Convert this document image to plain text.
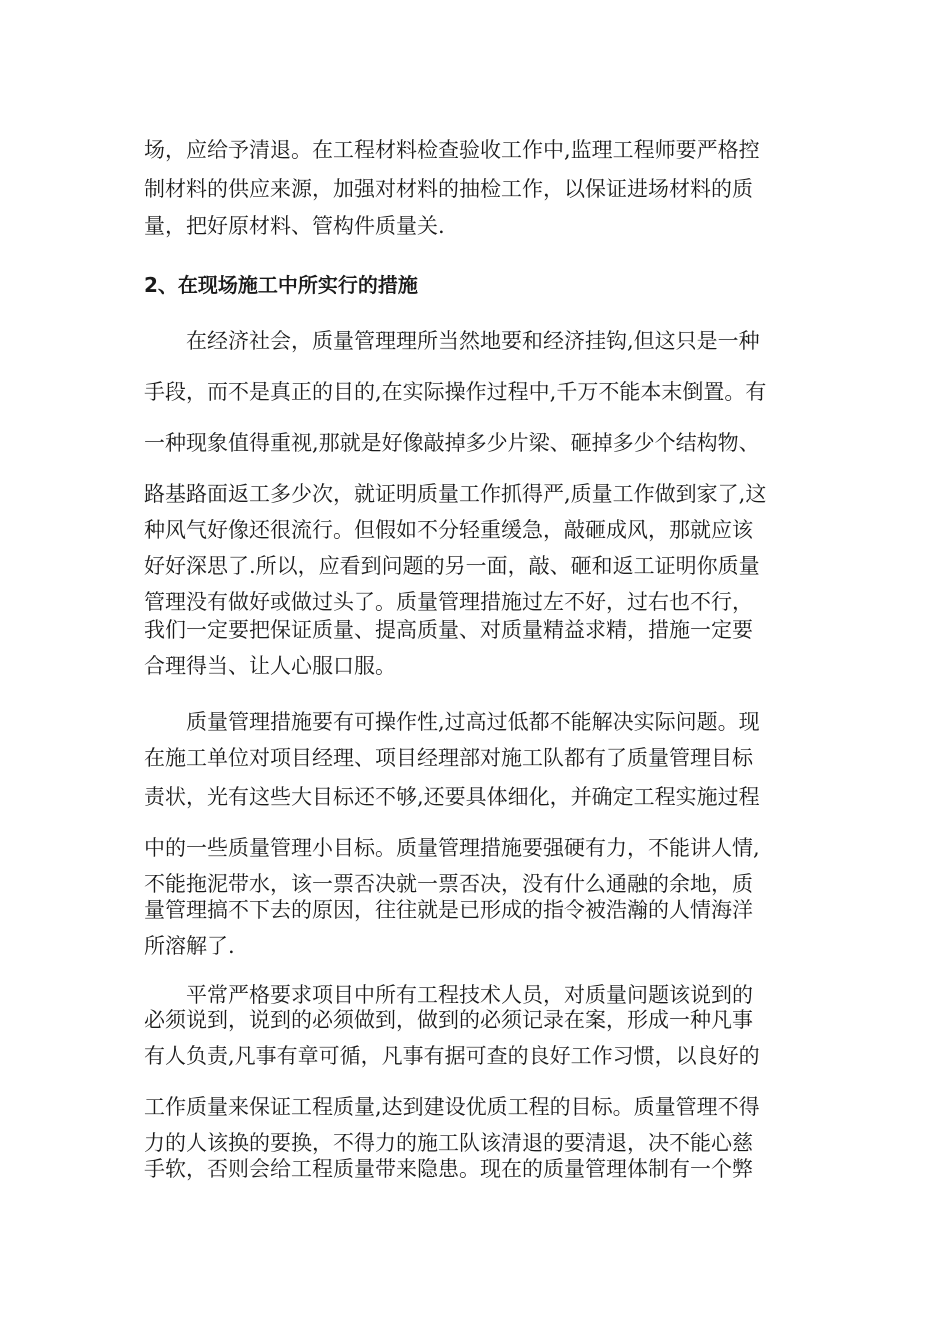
场，应给予清退。在工程材料检查验收工作中,监理工程师要严格控
制材料的供应来源，加强对材料的抽检工作，以保证进场材料的质
量，把好原材料、管构件质量关.
2、在现场施工中所实行的措施
在经济社会，质量管理理所当然地要和经济挂钩,但这只是一种
手段，而不是真正的目的,在实际操作过程中,千万不能本末倒置。有
一种现象值得重视,那就是好像敲掉多少片梁、砸掉多少个结构物、
路基路面返工多少次，就证明质量工作抓得严,质量工作做到家了,这
种风气好像还很流行。但假如不分轻重缓急，敲砸成风，那就应该
好好深思了.所以，应看到问题的另一面，敲、砸和返工证明你质量
管理没有做好或做过头了。质量管理措施过左不好，过右也不行，
我们一定要把保证质量、提高质量、对质量精益求精，措施一定要
合理得当、让人心服口服。
质量管理措施要有可操作性,过高过低都不能解决实际问题。现
在施工单位对项目经理、项目经理部对施工队都有了质量管理目标
责状，光有这些大目标还不够,还要具体细化，并确定工程实施过程
中的一些质量管理小目标。质量管理措施要强硬有力，不能讲人情,
不能拖泥带水，该一票否决就一票否决，没有什么通融的余地，质
量管理搞不下去的原因，往往就是已形成的指令被浩瀚的人情海洋
所溶解了.
平常严格要求项目中所有工程技术人员，对质量问题该说到的
必须说到，说到的必须做到，做到的必须记录在案，形成一种凡事
有人负责,凡事有章可循，凡事有据可查的良好工作习惯，以良好的
工作质量来保证工程质量,达到建设优质工程的目标。质量管理不得
力的人该换的要换，不得力的施工队该清退的要清退，决不能心慈
手软，否则会给工程质量带来隐患。现在的质量管理体制有一个弊
